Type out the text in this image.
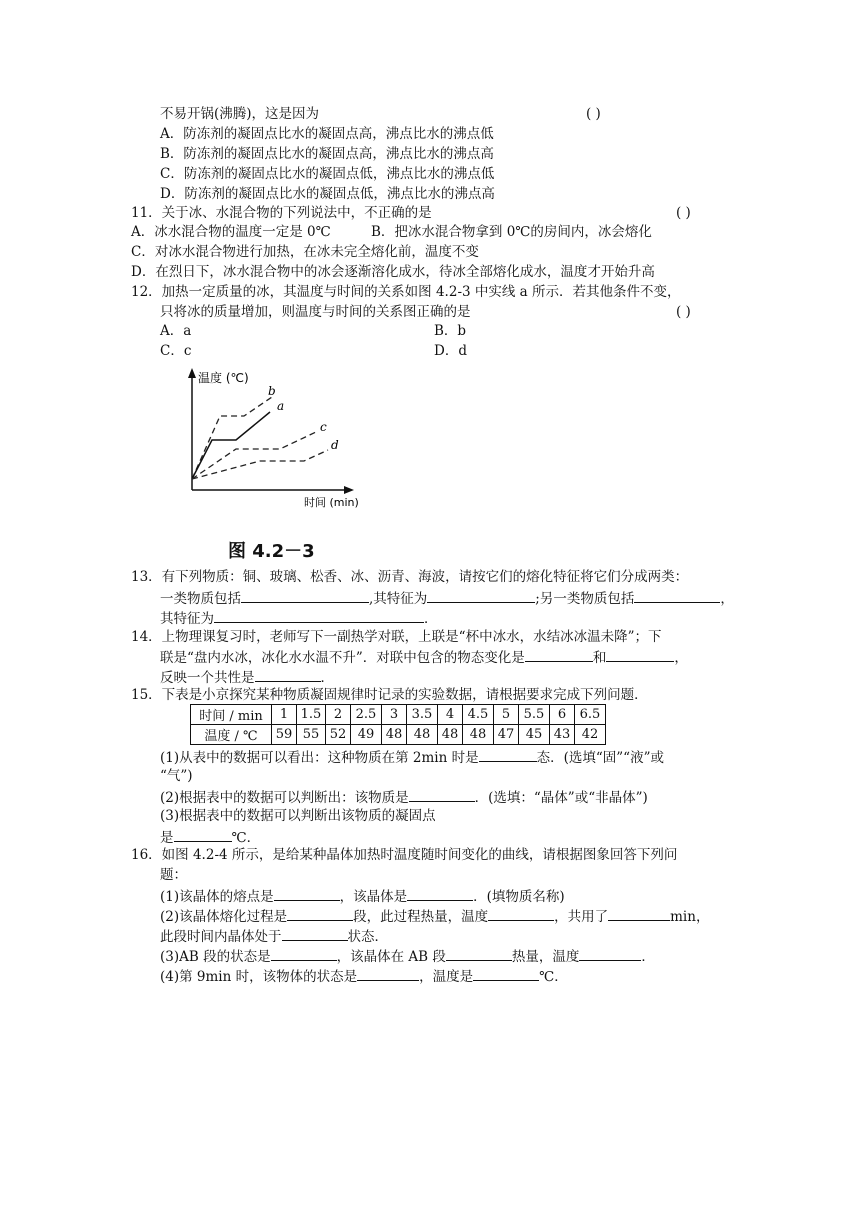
不易开锅(沸腾)，这是因为	( )
A．防冻剂的凝固点比水的凝固点高，沸点比水的沸点低
B．防冻剂的凝固点比水的凝固点高，沸点比水的沸点高
C．防冻剂的凝固点比水的凝固点低，沸点比水的沸点低
D．防冻剂的凝固点比水的凝固点低，沸点比水的沸点高
11．关于冰、水混合物的下列说法中，不正确的是	( )
A．冰水混合物的温度一定是 0℃	B．把冰水混合物拿到 0℃的房间内，冰会熔化
C．对冰水混合物进行加热，在冰未完全熔化前，温度不变
D．在烈日下，冰水混合物中的冰会逐渐溶化成水，待冰全部熔化成水，温度才开始升高
12．加热一定质量的冰，其温度与时间的关系如图 4.2-3 中实线 a 所示．若其他条件不变，
只将冰的质量增加，则温度与时间的关系图正确的是	( )
A．a	B．b
C．c	D．d
温度 (℃)
时间 (min)
b
a
c
d
图 4.2－3
13．有下列物质：铜、玻璃、松香、冰、沥青、海波，请按它们的熔化特征将它们分成两类：
一类物质包括	,其特征为	;另一类物质包括	，
其特征为	．
14．上物理课复习时，老师写下一副热学对联，上联是“杯中冰水，水结冰冰温未降”；下
联是“盘内水冰，冰化水水温不升”．对联中包含的物态变化是	和	，
反映一个共性是	．
15．下表是小京探究某种物质凝固规律时记录的实验数据，请根据要求完成下列问题．
时间 / min	1	1.5	2	2.5	3	3.5	4	4.5	5	5.5	6	6.5
温度 / ℃	59	55	52	49	48	48	48	48	47	45	43	42
(1)从表中的数据可以看出：这种物质在第 2min 时是	态．(选填“固”“液”或
“气”)
(2)根据表中的数据可以判断出：该物质是	．(选填：“晶体”或“非晶体”)
(3)根据表中的数据可以判断出该物质的凝固点
是	℃．
16．如图 4.2-4 所示，是给某种晶体加热时温度随时间变化的曲线，请根据图象回答下列问
题：
(1)该晶体的熔点是	，该晶体是	．(填物质名称)
(2)该晶体熔化过程是	段，此过程热量，温度	，共用了	min，
此段时间内晶体处于	状态．
(3)AB 段的状态是	，该晶体在 AB 段	热量，温度	．
(4)第 9min 时，该物体的状态是	，温度是	℃．
